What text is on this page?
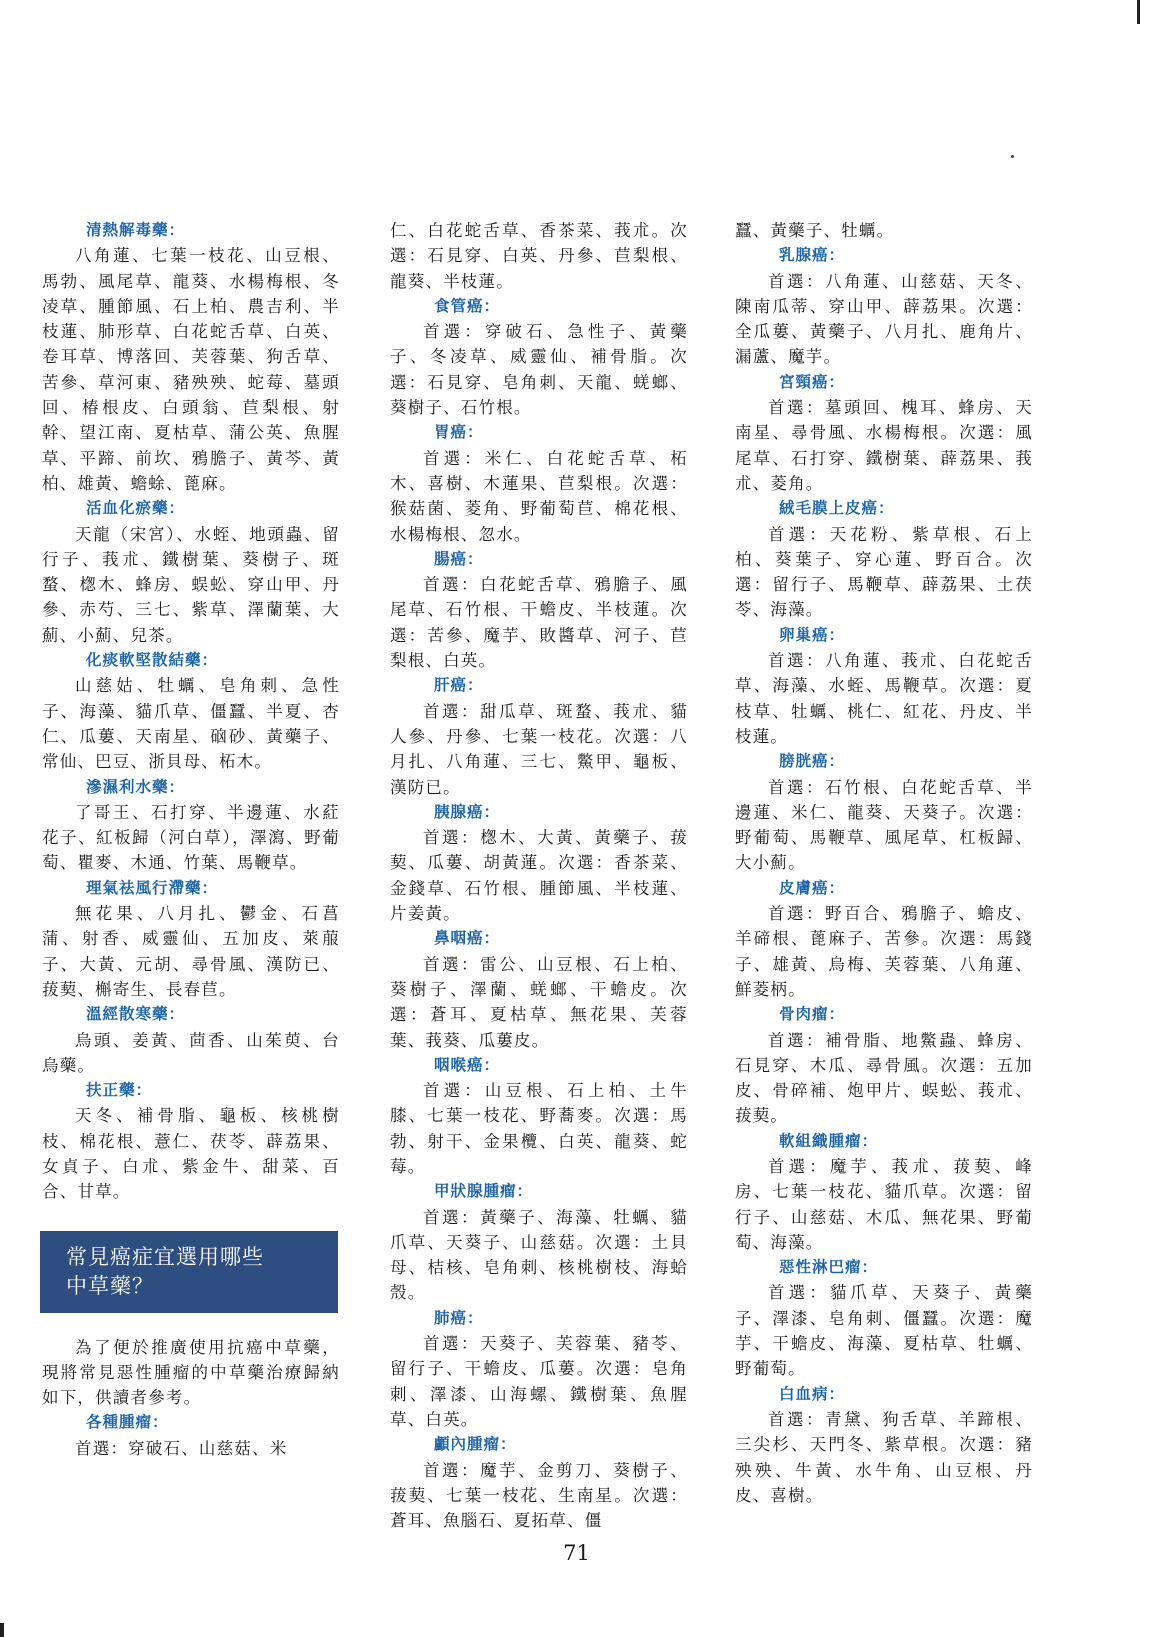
清熱解毒藥：

八角蓮、七葉一枝花、山豆根、馬勃、風尾草、龍葵、水楊梅根、冬凌草、腫節風、石上柏、農吉利、半枝蓮、肺形草、白花蛇舌草、白英、卷耳草、博落回、芙蓉葉、狗舌草、苦參、草河東、豬殃殃、蛇莓、墓頭回、椿根皮、白頭翁、苣梨根、射幹、望江南、夏枯草、蒲公英、魚腥草、平蹄、前坎、鴉膽子、黃芩、黃柏、雄黃、蟾蜍、蓖麻。

活血化瘀藥：

天龍（宋宮）、水蛭、地頭蟲、留行子、莪朮、鐵樹葉、葵樹子、斑蝥、楤木、蜂房、蜈蚣、穿山甲、丹參、赤芍、三七、紫草、澤蘭葉、大薊、小薊、兒茶。

化痰軟堅散結藥：

山慈姑、牡蠣、皂角刺、急性子、海藻、貓爪草、僵蠶、半夏、杏仁、瓜蔞、天南星、硇砂、黃藥子、常仙、巴豆、浙貝母、柘木。

滲濕利水藥：

了哥王、石打穿、半邊蓮、水葒花子、紅板歸（河白草），澤瀉、野葡萄、瞿麥、木通、竹葉、馬鞭草。

理氣祛風行滯藥：

無花果、八月扎、鬱金、石菖蒲、射香、威靈仙、五加皮、萊菔子、大黃、元胡、尋骨風、漢防已、菝葜、槲寄生、長春苣。

溫經散寒藥：

烏頭、姜黃、茴香、山茱萸、台烏藥。

扶正藥：

天冬、補骨脂、龜板、核桃樹枝、棉花根、薏仁、茯苓、薜荔果、女貞子、白朮、紫金牛、甜菜、百合、甘草。

常見癌症宜選用哪些
中草藥？

為了便於推廣使用抗癌中草藥，現將常見惡性腫瘤的中草藥治療歸納如下，供讀者參考。

各種腫瘤：

首選：穿破石、山慈菇、米

仁、白花蛇舌草、香茶菜、莪朮。次選：石見穿、白英、丹參、苣梨根、龍葵、半枝蓮。

食管癌：

首選：穿破石、急性子、黃藥子、冬凌草、威靈仙、補骨脂。次選：石見穿、皂角刺、天龍、蜣螂、葵樹子、石竹根。

胃癌：

首選：米仁、白花蛇舌草、柘木、喜樹、木蓮果、苣梨根。次選：猴菇菌、菱角、野葡萄苣、棉花根、水楊梅根、忽水。

腸癌：

首選：白花蛇舌草、鴉膽子、風尾草、石竹根、干蟾皮、半枝蓮。次選：苦參、魔芋、敗醬草、河子、苣梨根、白英。

肝癌：

首選：甜瓜草、斑蝥、莪朮、貓人參、丹參、七葉一枝花。次選：八月扎、八角蓮、三七、鱉甲、龜板、漢防已。

胰腺癌：

首選：楤木、大黃、黃藥子、菝葜、瓜蔞、胡黃蓮。次選：香茶菜、金錢草、石竹根、腫節風、半枝蓮、片姜黃。

鼻咽癌：

首選：雷公、山豆根、石上柏、葵樹子、澤蘭、蜣螂、干蟾皮。次選：蒼耳、夏枯草、無花果、芙蓉葉、莪葵、瓜蔞皮。

咽喉癌：

首選：山豆根、石上柏、土牛膝、七葉一枝花、野蕎麥。次選：馬勃、射干、金果欖、白英、龍葵、蛇莓。

甲狀腺腫瘤：

首選：黃藥子、海藻、牡蠣、貓爪草、天葵子、山慈菇。次選：土貝母、桔核、皂角刺、核桃樹枝、海蛤殼。

肺癌：

首選：天葵子、芙蓉葉、豬苓、留行子、干蟾皮、瓜蔞。次選：皂角刺、澤漆、山海螺、鐵樹葉、魚腥草、白英。

顱內腫瘤：

首選：魔芋、金剪刀、葵樹子、菝葜、七葉一枝花、生南星。次選：蒼耳、魚腦石、夏拓草、僵

蠶、黃藥子、牡蠣。

乳腺癌：

首選：八角蓮、山慈菇、天冬、陳南瓜蒂、穿山甲、薜荔果。次選：全瓜蔞、黃藥子、八月扎、鹿角片、漏蘆、魔芋。

宮頸癌：

首選：墓頭回、槐耳、蜂房、天南星、尋骨風、水楊梅根。次選：風尾草、石打穿、鐵樹葉、薜荔果、莪朮、菱角。

絨毛膜上皮癌：

首選：天花粉、紫草根、石上柏、葵葉子、穿心蓮、野百合。次選：留行子、馬鞭草、薜荔果、土茯苓、海藻。

卵巢癌：

首選：八角蓮、莪朮、白花蛇舌草、海藻、水蛭、馬鞭草。次選：夏枝草、牡蠣、桃仁、紅花、丹皮、半枝蓮。

膀胱癌：

首選：石竹根、白花蛇舌草、半邊蓮、米仁、龍葵、天葵子。次選：野葡萄、馬鞭草、風尾草、杠板歸、大小薊。

皮膚癌：

首選：野百合、鴉膽子、蟾皮、羊碲根、蓖麻子、苦參。次選：馬錢子、雄黃、烏梅、芙蓉葉、八角蓮、鮮菱柄。

骨肉瘤：

首選：補骨脂、地鱉蟲、蜂房、石見穿、木瓜、尋骨風。次選：五加皮、骨碎補、炮甲片、蜈蚣、莪朮、菝葜。

軟組織腫瘤：

首選：魔芋、莪朮、菝葜、峰房、七葉一枝花、貓爪草。次選：留行子、山慈菇、木瓜、無花果、野葡萄、海藻。

惡性淋巴瘤：

首選：貓爪草、天葵子、黃藥子、澤漆、皂角刺、僵蠶。次選：魔芋、干蟾皮、海藻、夏枯草、牡蠣、野葡萄。

白血病：

首選：青黛、狗舌草、羊蹄根、三尖杉、天門冬、紫草根。次選：豬殃殃、牛黃、水牛角、山豆根、丹皮、喜樹。

71
